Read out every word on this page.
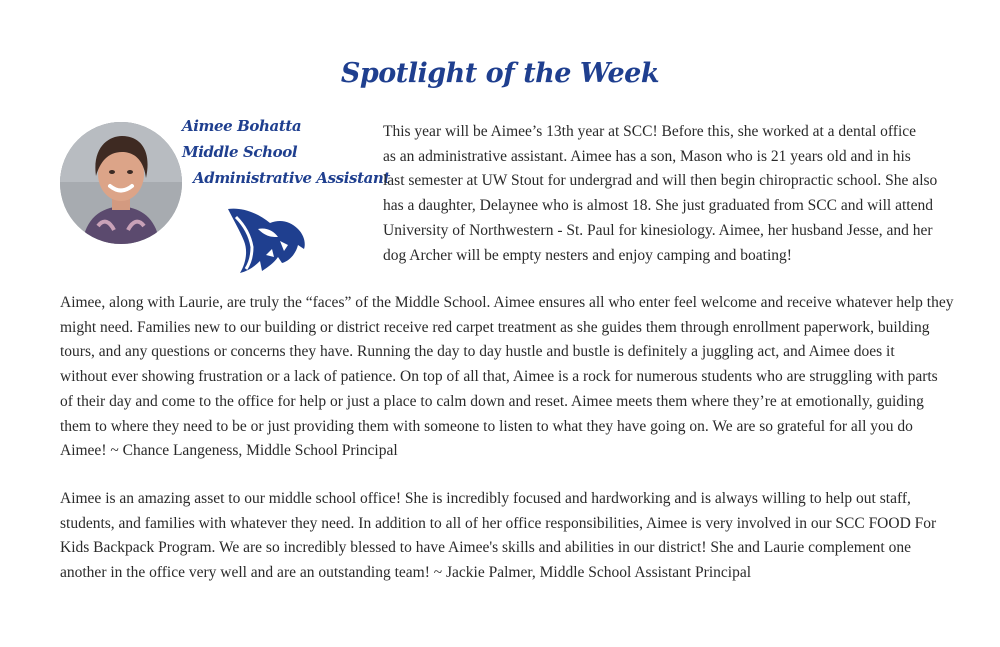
Spotlight of the Week
Aimee Bohatta
Middle School
Administrative Assistant
This year will be Aimee’s 13th year at SCC! Before this, she worked at a dental office
as an administrative assistant. Aimee has a son, Mason who is 21 years old and in his
last semester at UW Stout for undergrad and will then begin chiropractic school. She also
has a daughter, Delaynee who is almost 18. She just graduated from SCC and will attend
University of Northwestern - St. Paul for kinesiology. Aimee, her husband Jesse, and her
dog Archer will be empty nesters and enjoy camping and boating!
Aimee, along with Laurie, are truly the “faces” of the Middle School. Aimee ensures all who enter feel welcome and receive whatever help they
might need. Families new to our building or district receive red carpet treatment as she guides them through enrollment paperwork, building
tours, and any questions or concerns they have. Running the day to day hustle and bustle is definitely a juggling act, and Aimee does it
without ever showing frustration or a lack of patience. On top of all that, Aimee is a rock for numerous students who are struggling with parts
of their day and come to the office for help or just a place to calm down and reset. Aimee meets them where they’re at emotionally, guiding
them to where they need to be or just providing them with someone to listen to what they have going on. We are so grateful for all you do
Aimee! ~ Chance Langeness, Middle School Principal
Aimee is an amazing asset to our middle school office! She is incredibly focused and hardworking and is always willing to help out staff,
students, and families with whatever they need. In addition to all of her office responsibilities, Aimee is very involved in our SCC FOOD For
Kids Backpack Program. We are so incredibly blessed to have Aimee's skills and abilities in our district! She and Laurie complement one
another in the office very well and are an outstanding team! ~ Jackie Palmer, Middle School Assistant Principal
